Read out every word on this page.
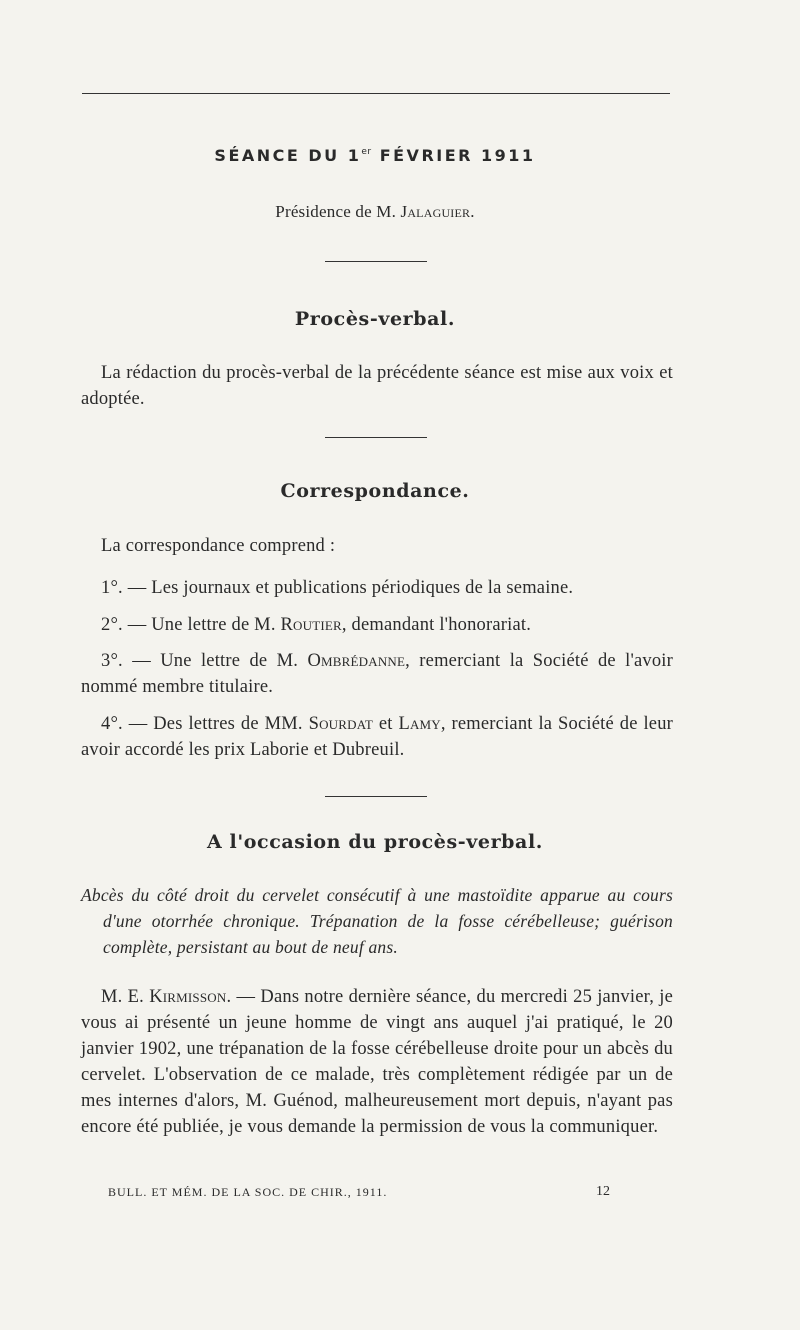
SÉANCE DU 1er FÉVRIER 1911
Présidence de M. Jalaguier.
Procès-verbal.
La rédaction du procès-verbal de la précédente séance est mise aux voix et adoptée.
Correspondance.
La correspondance comprend :
1°. — Les journaux et publications périodiques de la semaine.
2°. — Une lettre de M. Routier, demandant l'honorariat.
3°. — Une lettre de M. Ombrédanne, remerciant la Société de l'avoir nommé membre titulaire.
4°. — Des lettres de MM. Sourdat et Lamy, remerciant la Société de leur avoir accordé les prix Laborie et Dubreuil.
A l'occasion du procès-verbal.
Abcès du côté droit du cervelet consécutif à une mastoïdite apparue au cours d'une otorrhée chronique. Trépanation de la fosse cérébelleuse; guérison complète, persistant au bout de neuf ans.
M. E. Kirmisson. — Dans notre dernière séance, du mercredi 25 janvier, je vous ai présenté un jeune homme de vingt ans auquel j'ai pratiqué, le 20 janvier 1902, une trépanation de la fosse cérébelleuse droite pour un abcès du cervelet. L'observation de ce malade, très complètement rédigée par un de mes internes d'alors, M. Guénod, malheureusement mort depuis, n'ayant pas encore été publiée, je vous demande la permission de vous la communiquer.
BULL. ET MÉM. DE LA SOC. DE CHIR., 1911.	12
